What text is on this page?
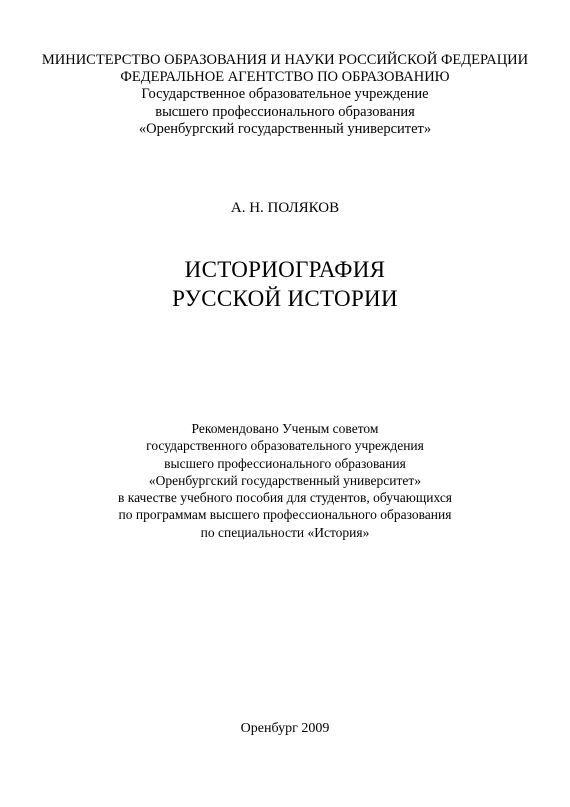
МИНИСТЕРСТВО ОБРАЗОВАНИЯ И НАУКИ РОССИЙСКОЙ ФЕДЕРАЦИИ
ФЕДЕРАЛЬНОЕ АГЕНТСТВО ПО ОБРАЗОВАНИЮ
Государственное образовательное учреждение
высшего профессионального образования
«Оренбургский государственный университет»
А. Н. ПОЛЯКОВ
ИСТОРИОГРАФИЯ
РУССКОЙ ИСТОРИИ
Рекомендовано Ученым советом
государственного образовательного учреждения
высшего профессионального образования
«Оренбургский государственный университет»
в качестве учебного пособия для студентов, обучающихся
по программам высшего профессионального образования
по специальности «История»
Оренбург 2009
